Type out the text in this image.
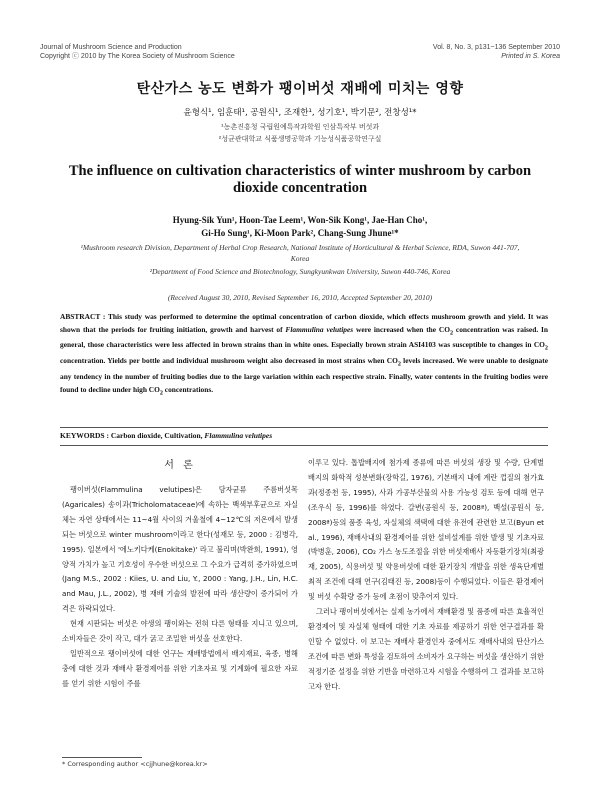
Journal of Mushroom Science and Production
Copyright ⓒ 2010 by The Korea Society of Mushroom Science
Vol. 8, No. 3, p131~136 September 2010
Printed in S. Korea
탄산가스 농도 변화가 팽이버섯 재배에 미치는 영향
윤형식¹, 임훈태¹, 공원식¹, 조재한¹, 성기호¹, 박기문², 전창성¹*
¹농촌진흥청 국립원예특작과학원 인삼특작부 버섯과
²성균관대학교 식품생명공학과 기능성식품공학연구실
The influence on cultivation characteristics of winter mushroom by carbon dioxide concentration
Hyung-Sik Yun¹, Hoon-Tae Leem¹, Won-Sik Kong¹, Jae-Han Cho¹,
Gi-Ho Sung¹, Ki-Moon Park², Chang-Sung Jhune¹*
¹Mushroom research Division, Department of Herbal Crop Research, National Institute of Horticultural & Herbal Science, RDA, Suwon 441-707,
Korea
²Department of Food Science and Biotechnology, Sungkyunkwan University, Suwon 440-746, Korea
(Received August 30, 2010, Revised September 16, 2010, Accepted September 20, 2010)
ABSTRACT : This study was performed to determine the optimal concentration of carbon dioxide, which effects mushroom growth and yield. It was shown that the periods for fruiting initiation, growth and harvest of Flammulina velutipes were increased when the $CO_2$ concentration was raised. In general, those characteristics were less affected in brown strains than in white ones. Especially brown strain ASI4103 was susceptible to changes in $CO_2$ concentration. Yields per bottle and individual mushroom weight also decreased in most strains when $CO_2$ levels increased. We were unable to designate any tendency in the number of fruiting bodies due to the large variation within each respective strain. Finally, water contents in the fruiting bodies were found to decline under high $CO_2$ concentrations.
KEYWORDS : Carbon dioxide, Cultivation, Flammulina velutipes
서 론

팽이버섯(Flammulina velutipes)은 담자균류 주름버섯목 (Agaricales) 송이과(Tricholomataceae)에 속하는 백색부후균으로 자실체는 자연 상태에서는 11~4월 사이의 겨울철에 4~12℃의 저온에서 발생되는 버섯으로 winter mushroom이라고 한다(성재모 등, 2000 : 김병각, 1995). 일본에서 '에노키다케(Enokitake)' 라고 불리며(박완희, 1991), 영양적 가치가 높고 기호성이 우수한 버섯으로 그 수요가 급격히 증가하였으며(Jang M.S., 2002 : Kiies, U. and Liu, Y., 2000 : Yang, J.H., Lin, H.C. and Mau, J.L., 2002), 병 재배 기술의 발전에 따라 생산량이 증가되어 가격은 하락되었다.

현재 시판되는 버섯은 야생의 팽이와는 전혀 다른 형태를 지니고 있으며, 소비자들은 갓이 작고, 대가 굵고 조밀한 버섯을 선호한다.

일반적으로 팽이버섯에 대한 연구는 재배방법에서 배지재료, 육종, 병해충에 대한 것과 재배사 환경제어를 위한 기초자료 및 기계화에 필요한 자료를 얻기 위한 시험이 주를

이루고 있다. 톱밥배지에 첨가제 종류에 따른 버섯의 생장 및 수량, 단계별 배지의 화학적 성분변화(장학길, 1976), 기본배지 내에 계란 껍질의 첨가효과(정종천 등, 1995), 사과 가공부산물의 사용 가능성 검토 등에 대해 연구(조우식 등, 1996)를 하였다. 갈변(공원식 등, 2008ª), 백설(공원식 등, 2008ª)등의 품종 육성, 자실체의 색택에 대한 유전에 관련한 보고(Byun et al., 1996), 재배사내의 환경제어를 위한 설비설계를 위한 발생 및 기초자료(박병훈, 2006), CO₂ 가스 농도조절을 위한 버섯재배사 자동환기장치(최광재, 2005), 식용버섯 및 약용버섯에 대한 환기장치 개발을 위한 생육단계별 최적 조건에 대해 연구(김태진 등, 2008)등이 수행되었다. 이들은 환경제어 및 버섯 수확량 증가 등에 초점이 맞추어져 있다.

그러나 팽이버섯에서는 실제 농가에서 재배환경 및 품종에 따른 효율적인 환경제어 및 자실체 형태에 대한 기초 자료를 제공하기 위한 연구결과를 확인할 수 없었다. 이 보고는 재배사 환경인자 중에서도 재배사내의 탄산가스 조건에 따른 변화 특성을 검토하여 소비자가 요구하는 버섯을 생산하기 위한 적정기준 설정을 위한 기반을 마련하고자 시험을 수행하여 그 결과를 보고하고자 한다.

* Corresponding author <cjjhune@korea.kr>
